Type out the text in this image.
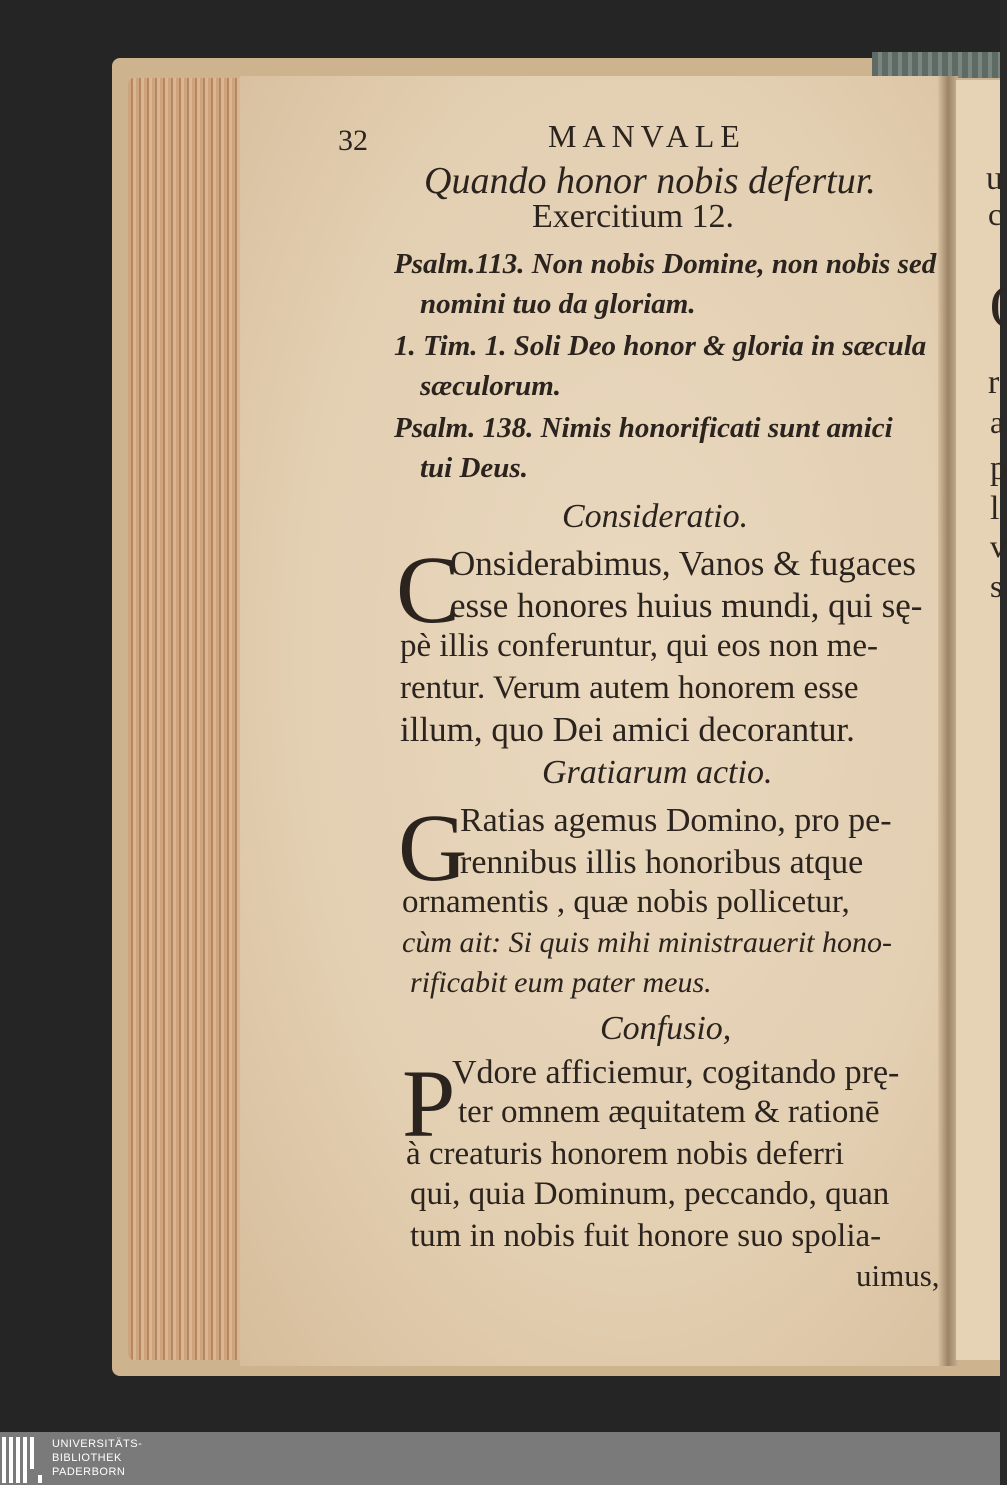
u
c
(
r
a
p
l
v
s
32	MANVALE
Quando honor nobis defertur.
Exercitium 12.
Psalm.113. Non nobis Domine, non nobis sed
nomini tuo da gloriam.
1. Tim. 1. Soli Deo honor & gloria in sæcula
sæculorum.
Psalm. 138. Nimis honorificati sunt amici
tui Deus.
Consideratio.
C
Onsiderabimus, Vanos & fugaces
esse honores huius mundi, qui sę-
pè illis conferuntur, qui eos non me-
rentur. Verum autem honorem esse
illum, quo Dei amici decorantur.
Gratiarum actio.
G
Ratias agemus Domino, pro pe-
rennibus illis honoribus atque
ornamentis , quæ nobis pollicetur,
cùm ait: Si quis mihi ministrauerit hono-
rificabit eum pater meus.
Confusio,
P
Vdore afficiemur, cogitando prę-
ter omnem æquitatem & rationē
à creaturis honorem nobis deferri
qui, quia Dominum, peccando, quan
tum in nobis fuit honore suo spolia-
uimus,
UNIVERSITÄTS-
BIBLIOTHEK
PADERBORN
